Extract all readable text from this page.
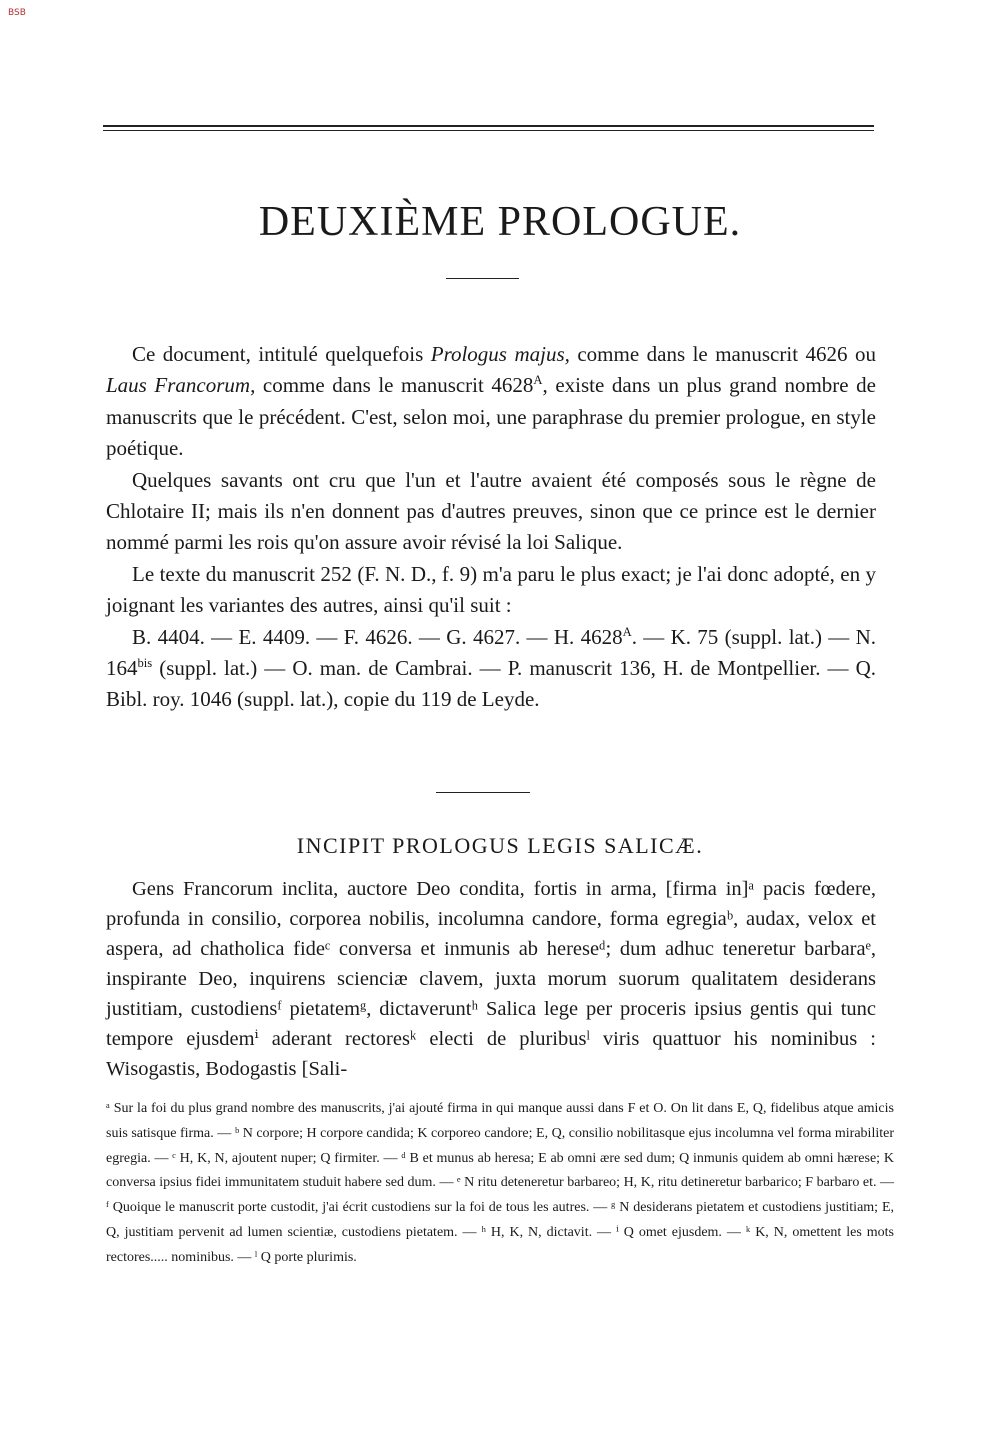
BSB
DEUXIÈME PROLOGUE.

Ce document, intitulé quelquefois Prologus majus, comme dans le manuscrit 4626 ou Laus Francorum, comme dans le manuscrit $4628^A$, existe dans un plus grand nombre de manuscrits que le précédent. C'est, selon moi, une paraphrase du premier prologue, en style poétique.

Quelques savants ont cru que l'un et l'autre avaient été composés sous le règne de Chlotaire II; mais ils n'en donnent pas d'autres preuves, sinon que ce prince est le dernier nommé parmi les rois qu'on assure avoir révisé la loi Salique.

Le texte du manuscrit 252 (F. N. D., f. 9) m'a paru le plus exact; je l'ai donc adopté, en y joignant les variantes des autres, ainsi qu'il suit :

B. 4404. — E. 4409. — F. 4626. — G. 4627. — H. $4628^A$. — K. 75 (suppl. lat.) — N. $164^{bis}$ (suppl. lat.) — O. man. de Cambrai. — P. manuscrit 136, H. de Montpellier. — Q. Bibl. roy. 1046 (suppl. lat.), copie du 119 de Leyde.

INCIPIT PROLOGUS LEGIS SALICÆ.

Gens Francorum inclita, auctore Deo condita, fortis in arma, [firma in]ᵃ pacis fœdere, profunda in consilio, corporea nobilis, incolumna candore, forma egregiaᵇ, audax, velox et aspera, ad chatholica fideᶜ conversa et inmunis ab hereseᵈ; dum adhuc teneretur barbaraᵉ, inspirante Deo, inquirens scienciæ clavem, juxta morum suorum qualitatem desiderans justitiam, custodiensᶠ pietatemᵍ, dictaveruntʰ Salica lege per proceris ipsius gentis qui tunc tempore ejusdemⁱ aderant rectoresᵏ electi de pluribusˡ viris quattuor his nominibus : Wisogastis, Bodogastis [Sali-

ᵃ Sur la foi du plus grand nombre des manuscrits, j'ai ajouté firma in qui manque aussi dans F et O. On lit dans E, Q, fidelibus atque amicis suis satisque firma. — ᵇ N corpore; H corpore candida; K corporeo candore; E, Q, consilio nobilitasque ejus incolumna vel forma mirabiliter egregia. — ᶜ H, K, N, ajoutent nuper; Q firmiter. — ᵈ B et munus ab heresa; E ab omni ære sed dum; Q inmunis quidem ab omni hærese; K conversa ipsius fidei immunitatem studuit habere sed dum. — ᵉ N ritu deteneretur barbareo; H, K, ritu detineretur barbarico; F barbaro et. — ᶠ Quoique le manuscrit porte custodit, j'ai écrit custodiens sur la foi de tous les autres. — ᵍ N desiderans pietatem et custodiens justitiam; E, Q, justitiam pervenit ad lumen scientiæ, custodiens pietatem. — ʰ H, K, N, dictavit. — ⁱ Q omet ejusdem. — ᵏ K, N, omettent les mots rectores..... nominibus. — ˡ Q porte plurimis.
